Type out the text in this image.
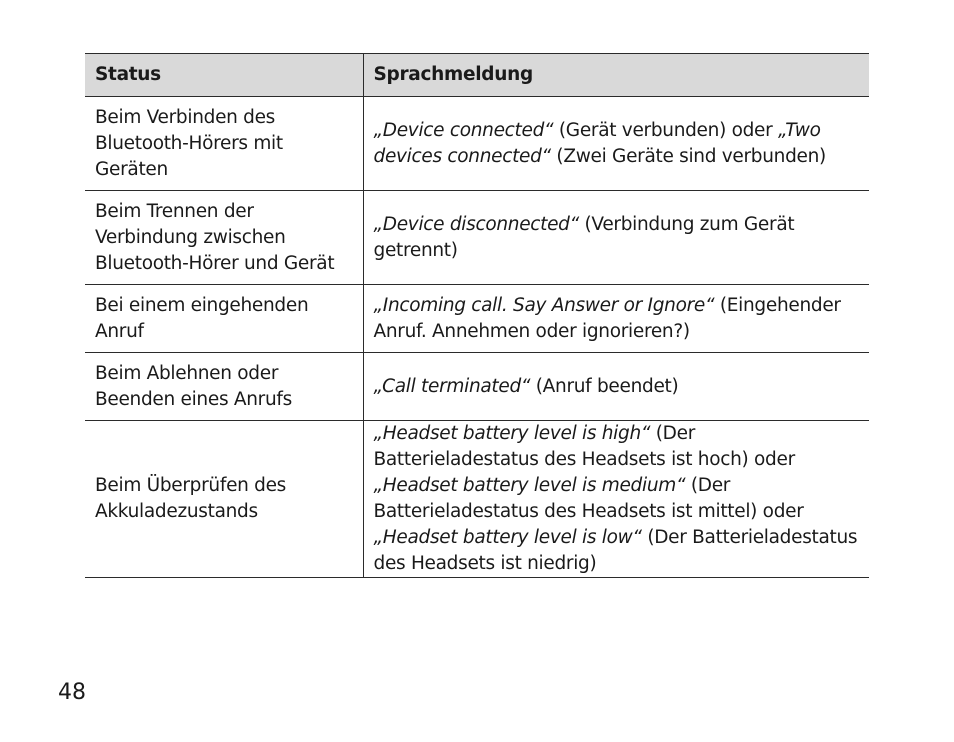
Status	Sprachmeldung
Beim Verbinden des Bluetooth-Hörers mit Geräten	„Device connected“ (Gerät verbunden) oder „Two devices connected“ (Zwei Geräte sind verbunden)
Beim Trennen der Verbindung zwischen Bluetooth-Hörer und Gerät	„Device disconnected“ (Verbindung zum Gerät getrennt)
Bei einem eingehenden Anruf	„Incoming call. Say Answer or Ignore“ (Eingehender Anruf. Annehmen oder ignorieren?)
Beim Ablehnen oder Beenden eines Anrufs	„Call terminated“ (Anruf beendet)
Beim Überprüfen des Akkuladezustands	„Headset battery level is high“ (Der Batterieladestatus des Headsets ist hoch) oder „Headset battery level is medium“ (Der Batterieladestatus des Headsets ist mittel) oder „Headset battery level is low“ (Der Batterieladestatus des Headsets ist niedrig)
48
